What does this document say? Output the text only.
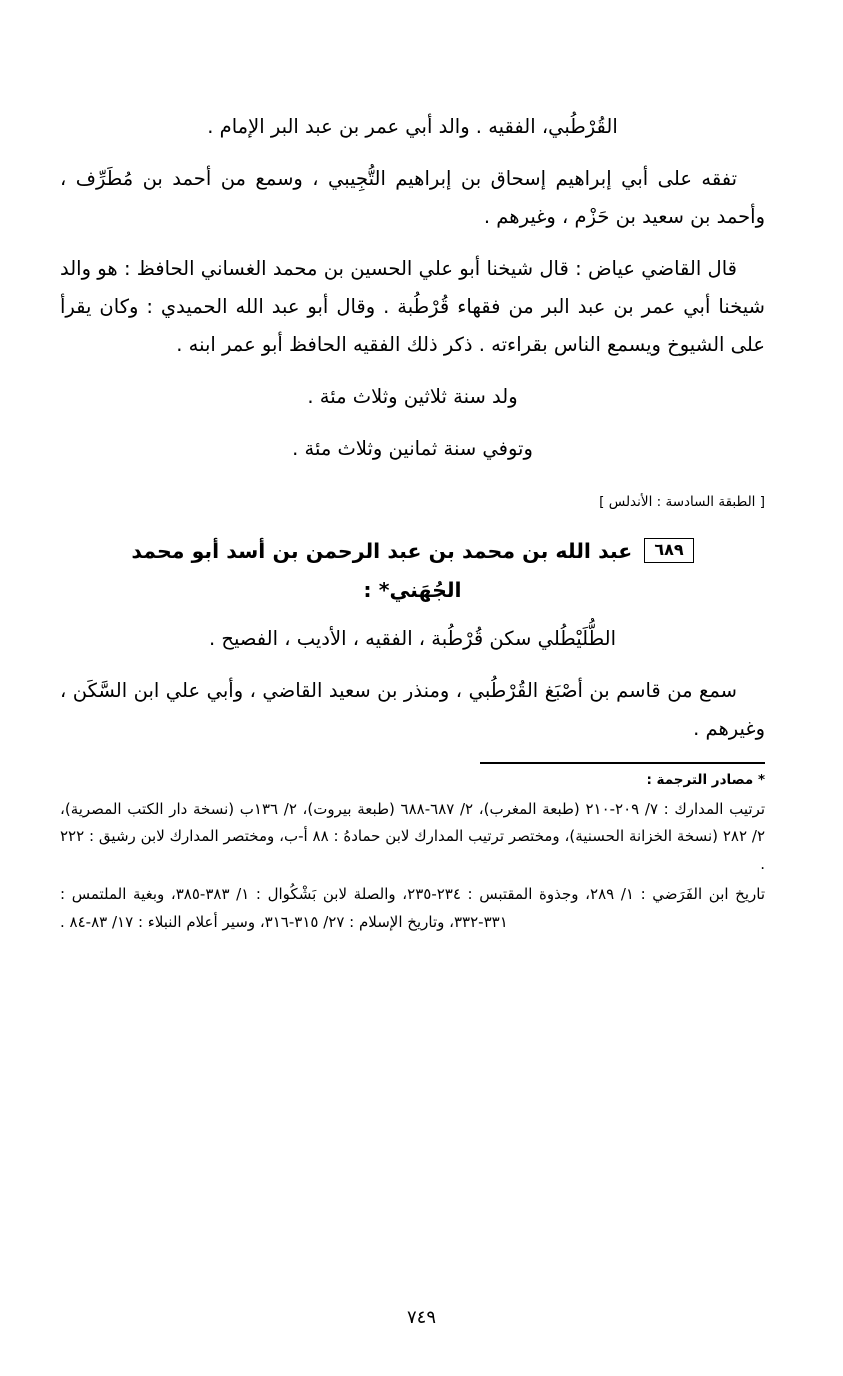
القُرْطُبي، الفقيه . والد أبي عمر بن عبد البر الإمام .

تفقه على أبي إبراهيم إسحاق بن إبراهيم التُّجِيبي ، وسمع من أحمد بن مُطَرِّف ، وأحمد بن سعيد بن حَزْم ، وغيرهم .

قال القاضي عياض : قال شيخنا أبو علي الحسين بن محمد الغساني الحافظ : هو والد شيخنا أبي عمر بن عبد البر من فقهاء قُرْطُبة . وقال أبو عبد الله الحميدي : وكان يقرأ على الشيوخ ويسمع الناس بقراءته . ذكر ذلك الفقيه الحافظ أبو عمر ابنه .

ولد سنة ثلاثين وثلاث مئة .

وتوفي سنة ثمانين وثلاث مئة .

[ الطبقة السادسة : الأندلس ]
٦٨٩عبد الله بن محمد بن عبد الرحمن بن أسد أبو محمد
الجُهَني* :

الطُّلَيْطُلي سكن قُرْطُبة ، الفقيه ، الأديب ، الفصيح .

سمع من قاسم بن أصْبَغ القُرْطُبي ، ومنذر بن سعيد القاضي ، وأبي علي ابن السَّكَن ، وغيرهم .

* مصادر الترجمة :

ترتيب المدارك : ٧/ ٢٠٩-٢١٠ (طبعة المغرب)، ٢/ ٦٨٧-٦٨٨ (طبعة بيروت)، ٢/ ١٣٦ب (نسخة دار الكتب المصرية)، ٢/ ٢٨٢ (نسخة الخزانة الحسنية)، ومختصر ترتيب المدارك لابن حمادهُ : ٨٨ أ-ب، ومختصر المدارك لابن رشيق : ٢٢٢ .

تاريخ ابن الفَرَضي : ١/ ٢٨٩، وجذوة المقتبس : ٢٣٤-٢٣٥، والصلة لابن بَشْكُوال : ١/ ٣٨٣-٣٨٥، وبغية الملتمس : ٣٣١-٣٣٢، وتاريخ الإسلام : ٢٧/ ٣١٥-٣١٦، وسير أعلام النبلاء : ١٧/ ٨٣-٨٤ .

٧٤٩
